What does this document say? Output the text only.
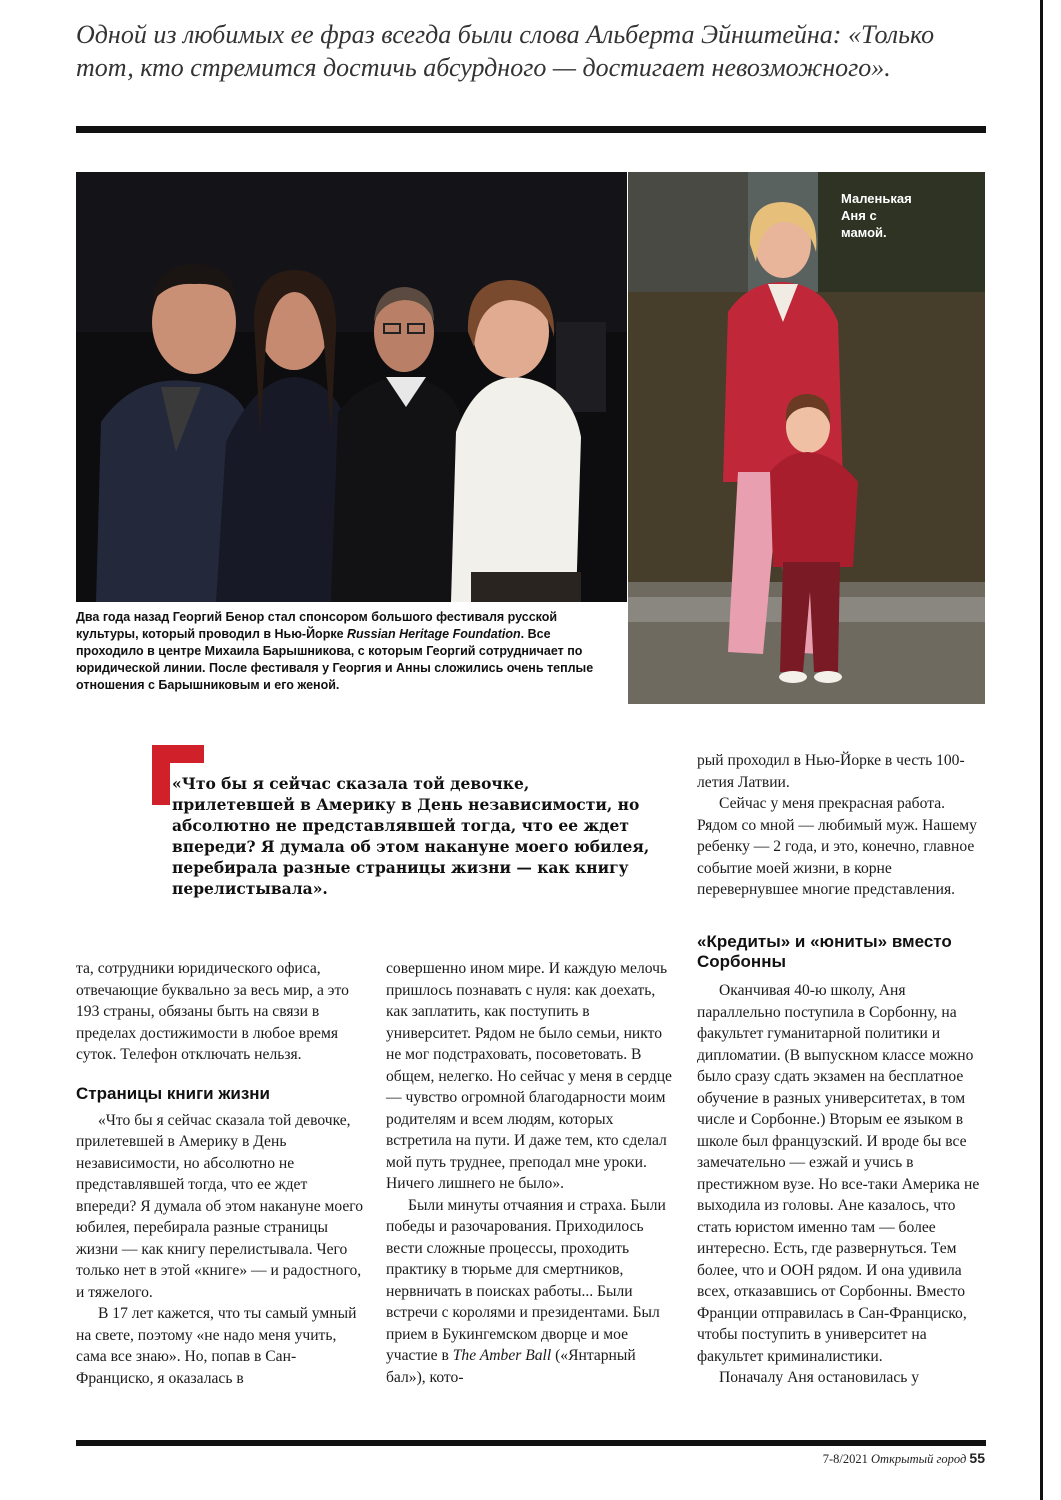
Одной из любимых ее фраз всегда были слова Альберта Эйнштейна: «Только тот, кто стремится достичь абсурдного — достигает невозможного».
Маленькая
Аня с
мамой.
Два года назад Георгий Бенор стал спонсором большого фестиваля русской культуры, который проводил в Нью-Йорке Russian Heritage Foundation. Все проходило в центре Михаила Барышникова, с которым Георгий сотрудничает по юридической линии. После фестиваля у Георгия и Анны сложились очень теплые отношения с Барышниковым и его женой.
«Что бы я сейчас сказала той девочке, прилетевшей в Америку в День независимости, но абсолютно не представлявшей тогда, что ее ждет впереди? Я думала об этом накануне моего юбилея, перебирала разные страницы жизни — как книгу перелистывала».

та, сотрудники юридического офиса, отвечающие буквально за весь мир, а это 193 страны, обязаны быть на связи в пределах достижимости в любое время суток. Телефон отключать нельзя.

Страницы книги жизни

«Что бы я сейчас сказала той девочке, прилетевшей в Америку в День независимости, но абсолютно не представлявшей тогда, что ее ждет впереди? Я думала об этом накануне моего юбилея, перебирала разные страницы жизни — как книгу перелистывала. Чего только нет в этой «книге» — и радостного, и тяжелого.

В 17 лет кажется, что ты самый умный на свете, поэтому «не надо меня учить, сама все знаю». Но, попав в Сан-Франциско, я оказалась в

совершенно ином мире. И каждую мелочь пришлось познавать с нуля: как доехать, как заплатить, как поступить в университет. Рядом не было семьи, никто не мог подстраховать, посоветовать. В общем, нелегко. Но сейчас у меня в сердце — чувство огромной благодарности моим родителям и всем людям, которых встретила на пути. И даже тем, кто сделал мой путь труднее, преподал мне уроки. Ничего лишнего не было».

Были минуты отчаяния и страха. Были победы и разочарования. Приходилось вести сложные процессы, проходить практику в тюрьме для смертников, нервничать в поисках работы... Были встречи с королями и президентами. Был прием в Букингемском дворце и мое участие в The Amber Ball («Янтарный бал»), кото-

рый проходил в Нью-Йорке в честь 100-летия Латвии.

Сейчас у меня прекрасная работа. Рядом со мной — любимый муж. Нашему ребенку — 2 года, и это, конечно, главное событие моей жизни, в корне перевернувшее многие представления.

«Кредиты» и «юниты» вместо Сорбонны

Оканчивая 40-ю школу, Аня параллельно поступила в Сорбонну, на факультет гуманитарной политики и дипломатии. (В выпускном классе можно было сразу сдать экзамен на бесплатное обучение в разных университетах, в том числе и Сорбонне.) Вторым ее языком в школе был французский. И вроде бы все замечательно — езжай и учись в престижном вузе. Но все-таки Америка не выходила из головы. Ане казалось, что стать юристом именно там — более интересно. Есть, где развернуться. Тем более, что и ООН рядом. И она удивила всех, отказавшись от Сорбонны. Вместо Франции отправилась в Сан-Франциско, чтобы поступить в университет на факультет криминалистики.

Поначалу Аня остановилась у

7-8/2021 Открытый город 55
